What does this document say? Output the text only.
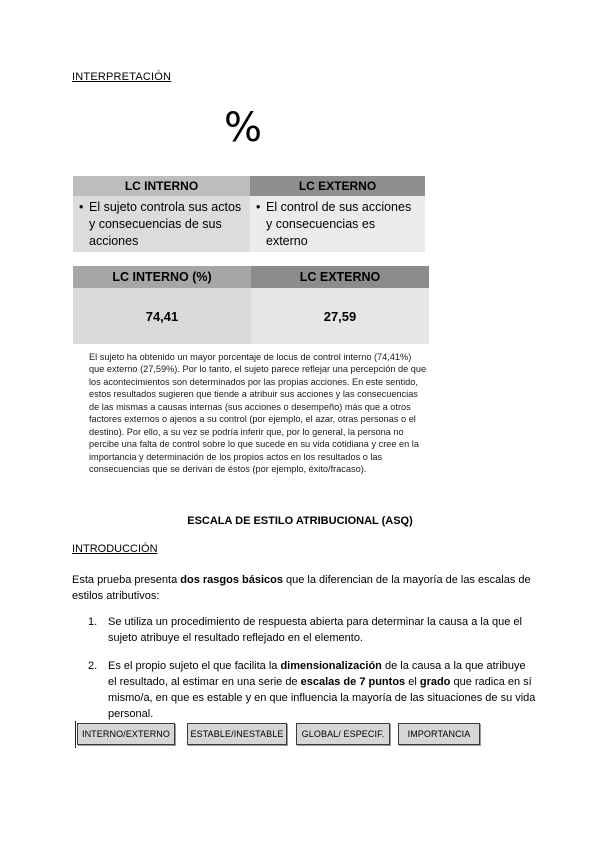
INTERPRETACIÓN
%
LC INTERNO	LC EXTERNO
• El sujeto controla sus actos y consecuencias de sus acciones
• El control de sus acciones y consecuencias es externo
LC INTERNO (%)	LC EXTERNO
74,41	27,59
El sujeto ha obtenido un mayor porcentaje de locus de control interno (74,41%) que externo (27,59%). Por lo tanto, el sujeto parece reflejar una percepción de que los acontecimientos son determinados por las propias acciones. En este sentido, estos resultados sugieren que tiende a atribuir sus acciones y las consecuencias de las mismas a causas internas (sus acciones o desempeño) más que a otros factores externos o ajenos a su control (por ejemplo, el azar, otras personas o el destino). Por ello, a su vez se podría inferir que, por lo general, la persona no percibe una falta de control sobre lo que sucede en su vida cotidiana y cree en la importancia y determinación de los propios actos en los resultados o las consecuencias que se derivan de éstos (por ejemplo, éxito/fracaso).
ESCALA DE ESTILO ATRIBUCIONAL (ASQ)
INTRODUCCIÓN
Esta prueba presenta dos rasgos básicos que la diferencian de la mayoría de las escalas de estilos atributivos:
1. Se utiliza un procedimiento de respuesta abierta para determinar la causa a la que el sujeto atribuye el resultado reflejado en el elemento.
2. Es el propio sujeto el que facilita la dimensionalización de la causa a la que atribuye el resultado, al estimar en una serie de escalas de 7 puntos el grado que radica en sí mismo/a, en que es estable y en que influencia la mayoría de las situaciones de su vida personal.
INTERNO/EXTERNO	ESTABLE/INESTABLE	GLOBAL/ ESPECIF.	IMPORTANCIA
